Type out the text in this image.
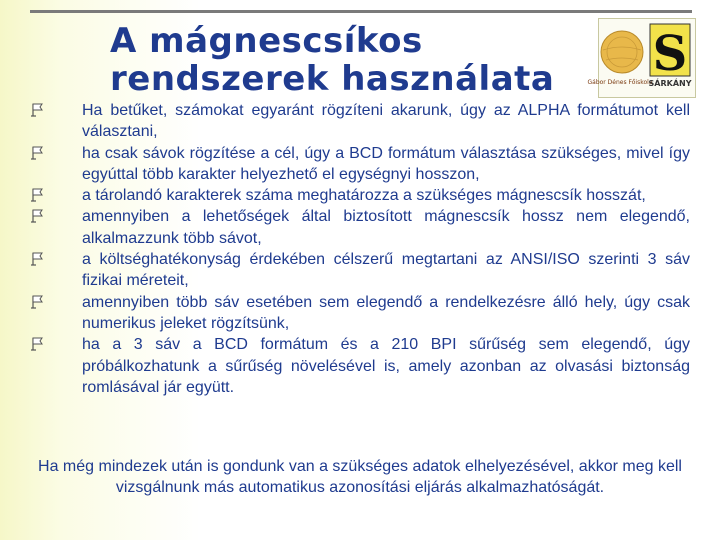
A mágnescsíkos
rendszerek használata	S
Gábor Dénes Főiskola
SÁRKÁNY
Ha betűket, számokat egyaránt rögzíteni akarunk, úgy az ALPHA formátumot kell választani,
ha csak sávok rögzítése a cél, úgy a BCD formátum választása szükséges, mivel így egyúttal több karakter helyezhető el egységnyi hosszon,
a tárolandó karakterek száma meghatározza a szükséges mágnescsík hosszát,
amennyiben a lehetőségek által biztosított mágnescsík hossz nem elegendő, alkalmazzunk több sávot,
a költséghatékonyság érdekében célszerű megtartani az ANSI/ISO szerinti 3 sáv fizikai méreteit,
amennyiben több sáv esetében sem elegendő a rendelkezésre álló hely, úgy csak numerikus jeleket rögzítsünk,
ha a 3 sáv a BCD formátum és a 210 BPI sűrűség sem elegendő, úgy próbálkozhatunk a sűrűség növelésével is, amely azonban az olvasási biztonság romlásával jár együtt.
Ha még mindezek után is gondunk van a szükséges adatok elhelyezésével, akkor meg kell vizsgálnunk más automatikus azonosítási eljárás alkalmazhatóságát.
